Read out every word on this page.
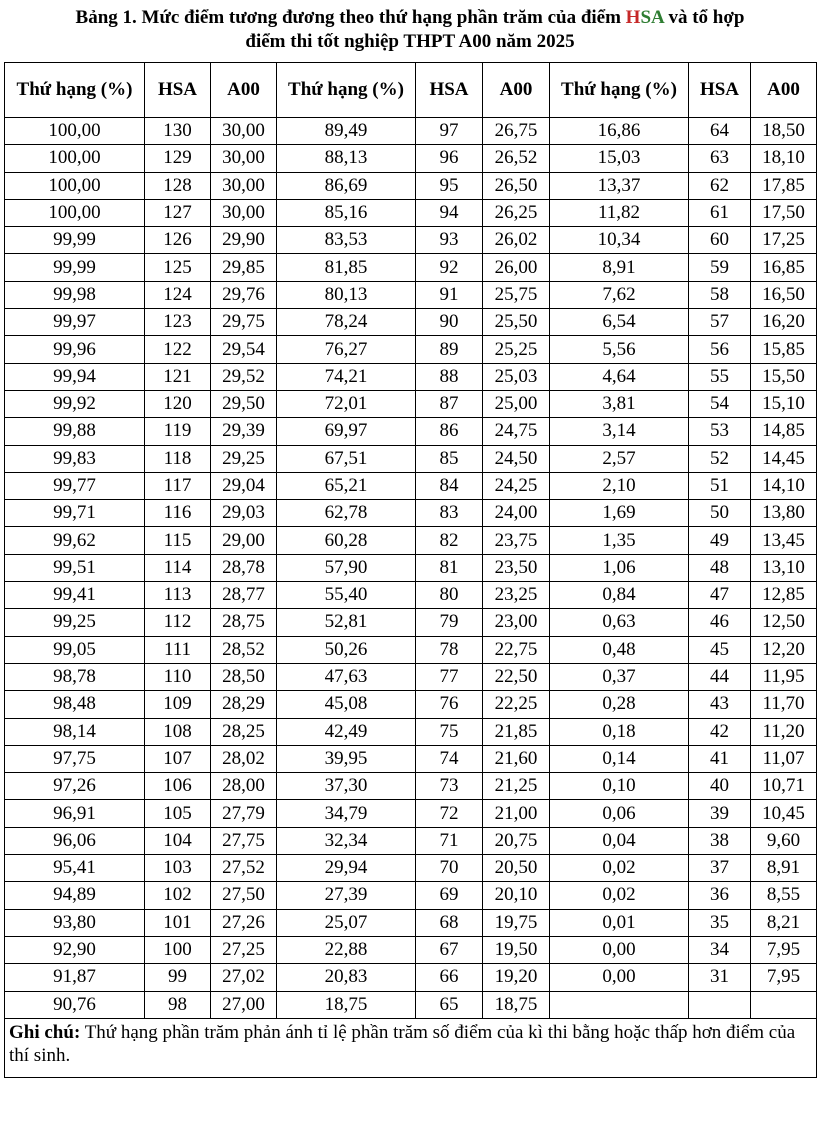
Bảng 1. Mức điểm tương đương theo thứ hạng phần trăm của điểm HSA và tổ hợp
điểm thi tốt nghiệp THPT A00 năm 2025
Thứ hạng (%)	HSA	A00	Thứ hạng (%)	HSA	A00	Thứ hạng (%)	HSA	A00
100,00	130	30,00	89,49	97	26,75	16,86	64	18,50
100,00	129	30,00	88,13	96	26,52	15,03	63	18,10
100,00	128	30,00	86,69	95	26,50	13,37	62	17,85
100,00	127	30,00	85,16	94	26,25	11,82	61	17,50
99,99	126	29,90	83,53	93	26,02	10,34	60	17,25
99,99	125	29,85	81,85	92	26,00	8,91	59	16,85
99,98	124	29,76	80,13	91	25,75	7,62	58	16,50
99,97	123	29,75	78,24	90	25,50	6,54	57	16,20
99,96	122	29,54	76,27	89	25,25	5,56	56	15,85
99,94	121	29,52	74,21	88	25,03	4,64	55	15,50
99,92	120	29,50	72,01	87	25,00	3,81	54	15,10
99,88	119	29,39	69,97	86	24,75	3,14	53	14,85
99,83	118	29,25	67,51	85	24,50	2,57	52	14,45
99,77	117	29,04	65,21	84	24,25	2,10	51	14,10
99,71	116	29,03	62,78	83	24,00	1,69	50	13,80
99,62	115	29,00	60,28	82	23,75	1,35	49	13,45
99,51	114	28,78	57,90	81	23,50	1,06	48	13,10
99,41	113	28,77	55,40	80	23,25	0,84	47	12,85
99,25	112	28,75	52,81	79	23,00	0,63	46	12,50
99,05	111	28,52	50,26	78	22,75	0,48	45	12,20
98,78	110	28,50	47,63	77	22,50	0,37	44	11,95
98,48	109	28,29	45,08	76	22,25	0,28	43	11,70
98,14	108	28,25	42,49	75	21,85	0,18	42	11,20
97,75	107	28,02	39,95	74	21,60	0,14	41	11,07
97,26	106	28,00	37,30	73	21,25	0,10	40	10,71
96,91	105	27,79	34,79	72	21,00	0,06	39	10,45
96,06	104	27,75	32,34	71	20,75	0,04	38	9,60
95,41	103	27,52	29,94	70	20,50	0,02	37	8,91
94,89	102	27,50	27,39	69	20,10	0,02	36	8,55
93,80	101	27,26	25,07	68	19,75	0,01	35	8,21
92,90	100	27,25	22,88	67	19,50	0,00	34	7,95
91,87	99	27,02	20,83	66	19,20	0,00	31	7,95
90,76	98	27,00	18,75	65	18,75			
Ghi chú: Thứ hạng phần trăm phản ánh tỉ lệ phần trăm số điểm của kì thi bằng hoặc thấp hơn điểm của thí sinh.								
